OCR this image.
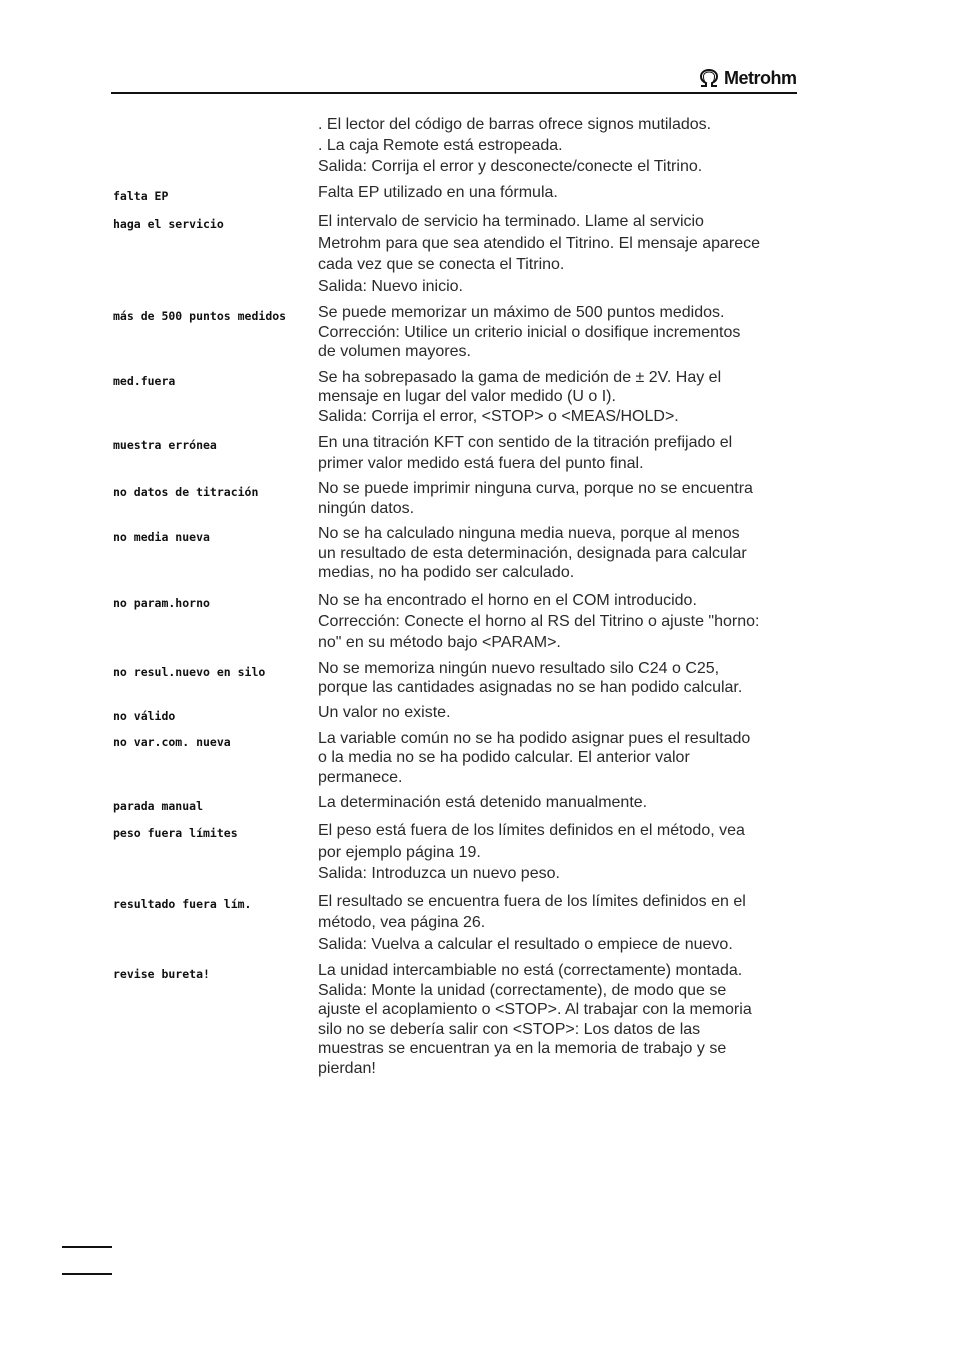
Metrohm
. El lector del código de barras ofrece signos mutilados.
. La caja Remote está estropeada.
Salida: Corrija el error y desconecte/conecte el Titrino.
falta EP	Falta EP utilizado en una fórmula.
haga el servicio	El intervalo de servicio ha terminado. Llame al servicio
Metrohm para que sea atendido el Titrino. El mensaje aparece
cada vez que se conecta el Titrino.
Salida: Nuevo inicio.
más de 500 puntos medidos	Se puede memorizar un máximo de 500 puntos medidos.
Corrección: Utilice un criterio inicial o dosifique incrementos
de volumen mayores.
med.fuera	Se ha sobrepasado la gama de medición de ± 2V. Hay el
mensaje en lugar del valor medido (U o I).
Salida: Corrija el error, <STOP> o <MEAS/HOLD>.
muestra errónea	En una titración KFT con sentido de la titración prefijado el
primer valor medido está fuera del punto final.
no datos de titración	No se puede imprimir ninguna curva, porque no se encuentra
ningún datos.
no media nueva	No se ha calculado ninguna media nueva, porque al menos
un resultado de esta determinación, designada para calcular
medias, no ha podido ser calculado.
no param.horno	No se ha encontrado el horno en el COM introducido.
Corrección: Conecte el horno al RS del Titrino o ajuste "horno:
no" en su método bajo <PARAM>.
no resul.nuevo en silo	No se memoriza ningún nuevo resultado silo C24 o C25,
porque las cantidades asignadas no se han podido calcular.
no válido	Un valor no existe.
no var.com. nueva	La variable común no se ha podido asignar pues el resultado
o la media no se ha podido calcular. El anterior valor
permanece.
parada manual	La determinación está detenido manualmente.
peso fuera límites	El peso está fuera de los límites definidos en el método, vea
por ejemplo página 19.
Salida: Introduzca un nuevo peso.
resultado fuera lím.	El resultado se encuentra fuera de los límites definidos en el
método, vea página 26.
Salida: Vuelva a calcular el resultado o empiece de nuevo.
revise bureta!	La unidad intercambiable no está (correctamente) montada.
Salida: Monte la unidad (correctamente), de modo que se
ajuste el acoplamiento o <STOP>. Al trabajar con la memoria
silo no se debería salir con <STOP>: Los datos de las
muestras se encuentran ya en la memoria de trabajo y se
pierdan!
